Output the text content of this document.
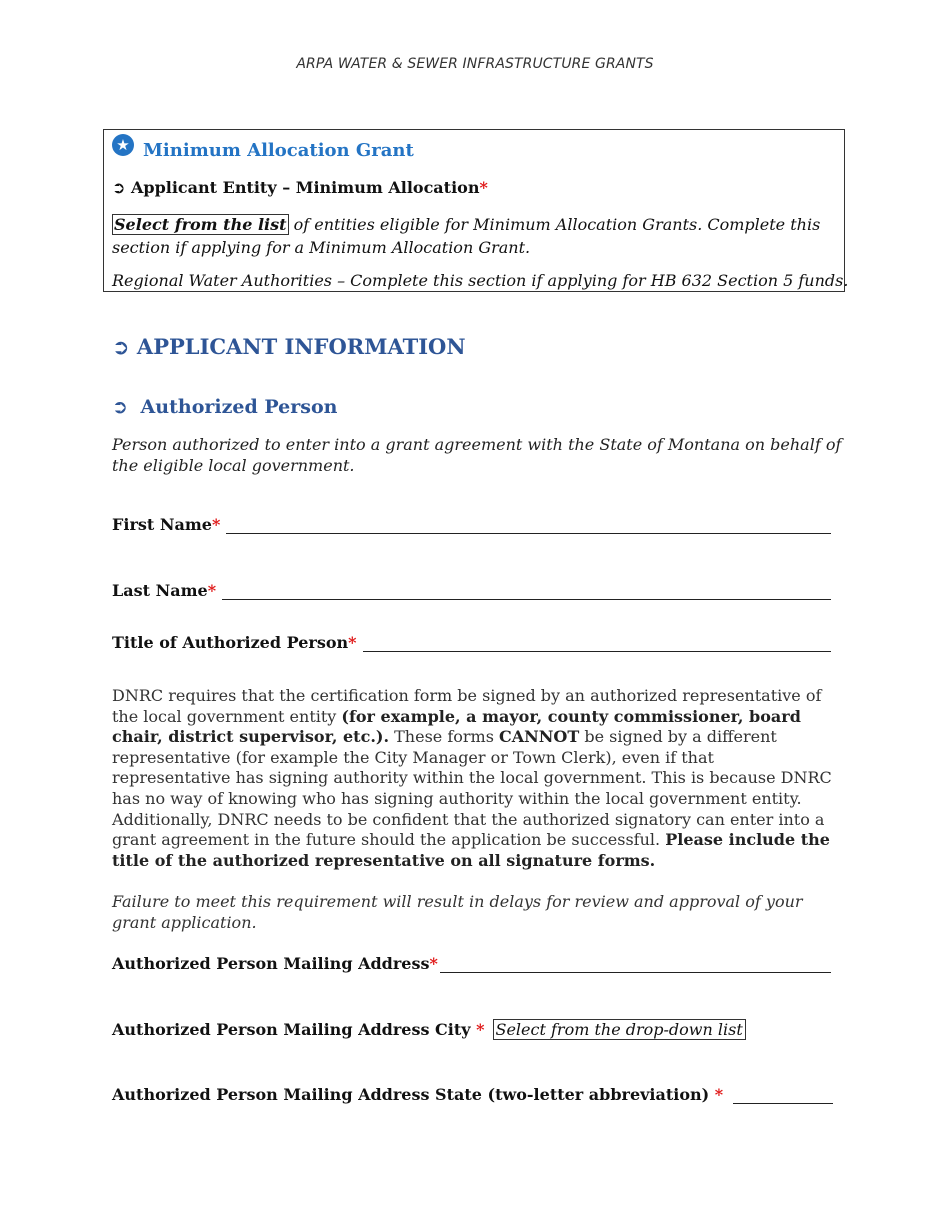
ARPA WATER & SEWER INFRASTRUCTURE GRANTS
★ Minimum Allocation Grant
➲ Applicant Entity – Minimum Allocation*
Select from the list of entities eligible for Minimum Allocation Grants. Complete this section if applying for a Minimum Allocation Grant.
Regional Water Authorities – Complete this section if applying for HB 632 Section 5 funds.
➲ APPLICANT INFORMATION
➲ Authorized Person
Person authorized to enter into a grant agreement with the State of Montana on behalf of the eligible local government.
First Name*
Last Name*
Title of Authorized Person*
DNRC requires that the certification form be signed by an authorized representative of the local government entity (for example, a mayor, county commissioner, board chair, district supervisor, etc.). These forms CANNOT be signed by a different representative (for example the City Manager or Town Clerk), even if that representative has signing authority within the local government. This is because DNRC has no way of knowing who has signing authority within the local government entity. Additionally, DNRC needs to be confident that the authorized signatory can enter into a grant agreement in the future should the application be successful. Please include the title of the authorized representative on all signature forms.
Failure to meet this requirement will result in delays for review and approval of your grant application.
Authorized Person Mailing Address*
Authorized Person Mailing Address City * Select from the drop-down list
Authorized Person Mailing Address State (two-letter abbreviation) *
